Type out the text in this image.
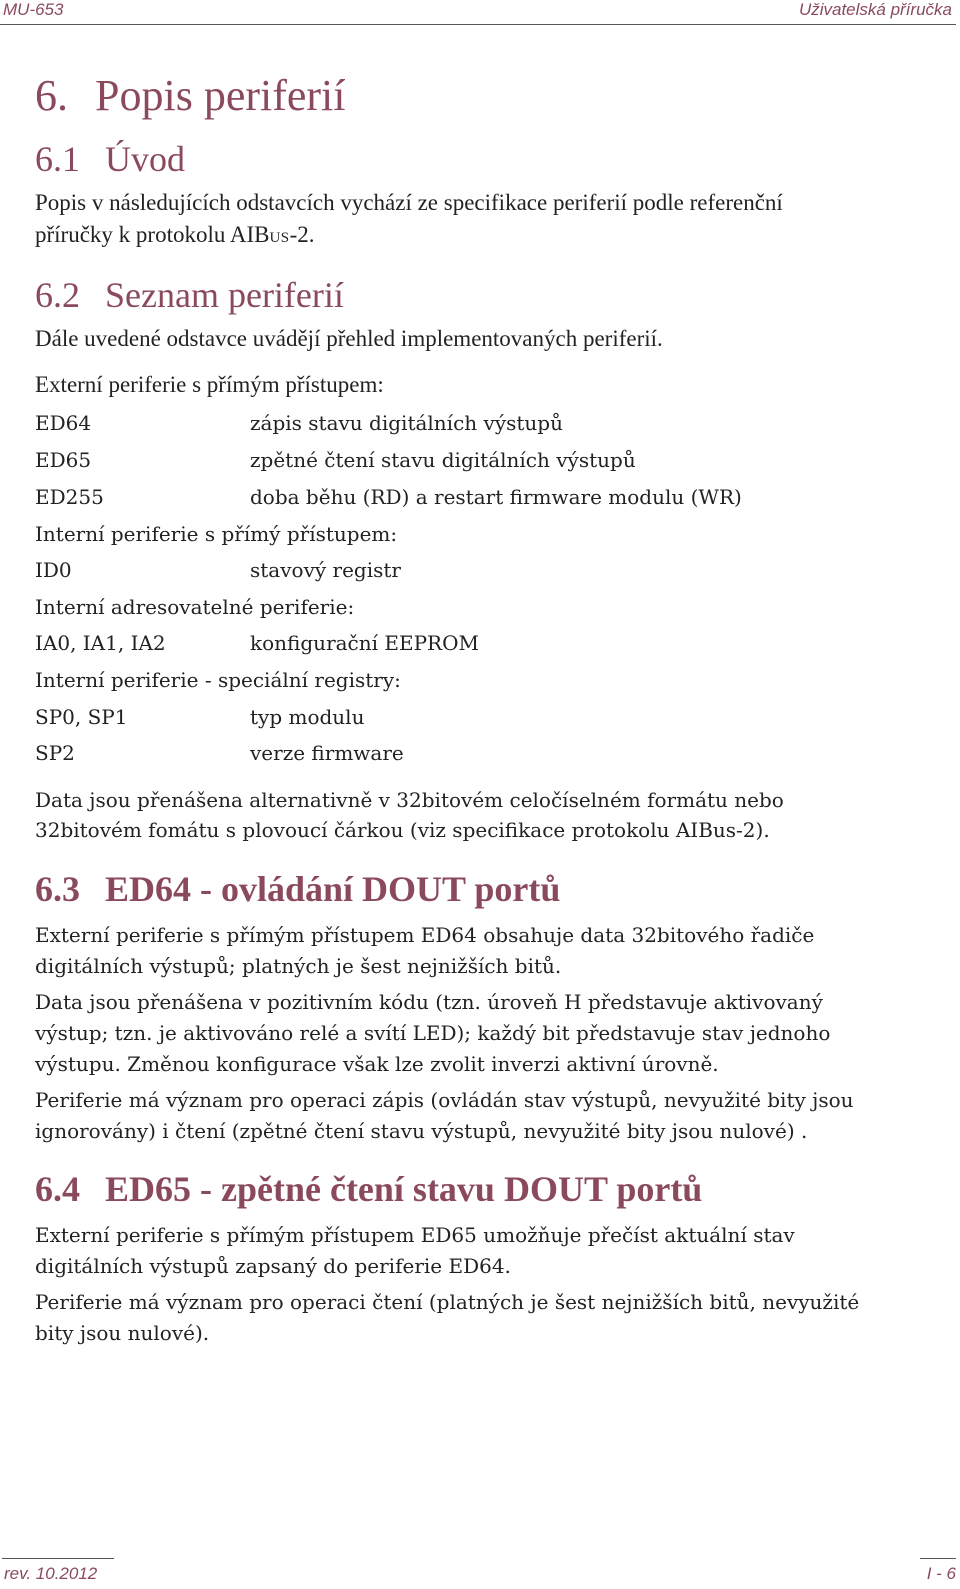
MU-653	Uživatelská příručka
6. Popis periferií
6.1 Úvod
Popis v následujících odstavcích vychází ze specifikace periferií podle referenční
příručky k protokolu AIBUS-2.
6.2 Seznam periferií
Dále uvedené odstavce uvádějí přehled implementovaných periferií.
Externí periferie s přímým přístupem:
ED64	zápis stavu digitálních výstupů
ED65	zpětné čtení stavu digitálních výstupů
ED255	doba běhu (RD) a restart firmware modulu (WR)
Interní periferie s přímý přístupem:
ID0	stavový registr
Interní adresovatelné periferie:
IA0, IA1, IA2	konfigurační EEPROM
Interní periferie - speciální registry:
SP0, SP1	typ modulu
SP2	verze firmware
Data jsou přenášena alternativně v 32bitovém celočíselném formátu nebo
32bitovém fomátu s plovoucí čárkou (viz specifikace protokolu AIBus-2).
6.3 ED64 - ovládání DOUT portů
Externí periferie s přímým přístupem ED64 obsahuje data 32bitového řadiče
digitálních výstupů; platných je šest nejnižších bitů.
Data jsou přenášena v pozitivním kódu (tzn. úroveň H představuje aktivovaný
výstup; tzn. je aktivováno relé a svítí LED); každý bit představuje stav jednoho
výstupu. Změnou konfigurace však lze zvolit inverzi aktivní úrovně.
Periferie má význam pro operaci zápis (ovládán stav výstupů, nevyužité bity jsou
ignorovány) i čtení (zpětné čtení stavu výstupů, nevyužité bity jsou nulové) .
6.4 ED65 - zpětné čtení stavu DOUT portů
Externí periferie s přímým přístupem ED65 umožňuje přečíst aktuální stav
digitálních výstupů zapsaný do periferie ED64.
Periferie má význam pro operaci čtení (platných je šest nejnižších bitů, nevyužité
bity jsou nulové).
rev. 10.2012	I - 6
